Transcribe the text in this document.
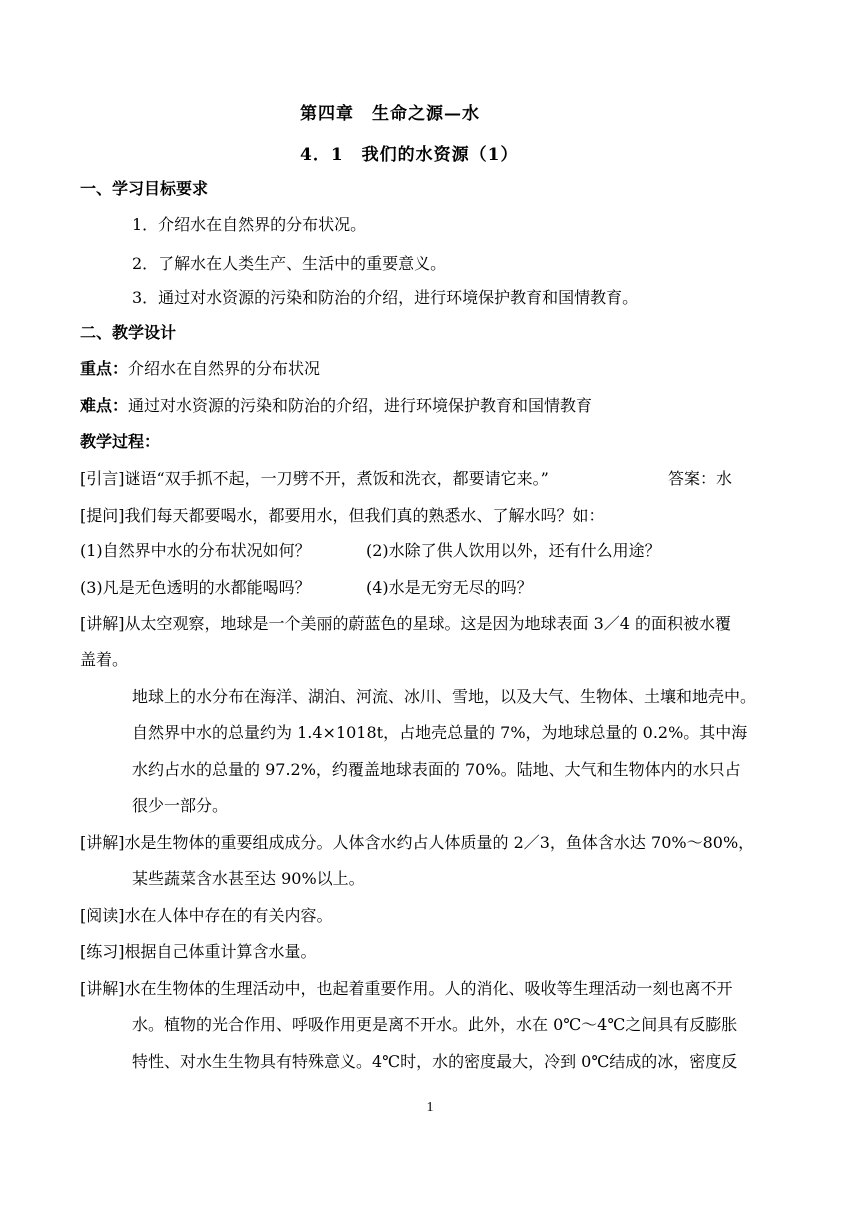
第四章　生命之源—水
4．1　我们的水资源（1）
一、学习目标要求
1．介绍水在自然界的分布状况。
2．了解水在人类生产、生活中的重要意义。
3．通过对水资源的污染和防治的介绍，进行环境保护教育和国情教育。
二、教学设计
重点：介绍水在自然界的分布状况
难点：通过对水资源的污染和防治的介绍，进行环境保护教育和国情教育
教学过程：
[引言]谜语“双手抓不起，一刀劈不开，煮饭和洗衣，都要请它来。”	答案：水
[提问]我们每天都要喝水，都要用水，但我们真的熟悉水、了解水吗？如：
(1)自然界中水的分布状况如何？	(2)水除了供人饮用以外，还有什么用途？
(3)凡是无色透明的水都能喝吗？	(4)水是无穷无尽的吗？
[讲解]从太空观察，地球是一个美丽的蔚蓝色的星球。这是因为地球表面 3／4 的面积被水覆
盖着。
地球上的水分布在海洋、湖泊、河流、冰川、雪地，以及大气、生物体、土壤和地壳中。
自然界中水的总量约为 1.4×1018t，占地壳总量的 7%，为地球总量的 0.2%。其中海
水约占水的总量的 97.2%，约覆盖地球表面的 70%。陆地、大气和生物体内的水只占
很少一部分。
[讲解]水是生物体的重要组成成分。人体含水约占人体质量的 2／3，鱼体含水达 70%～80%，
某些蔬菜含水甚至达 90%以上。
[阅读]水在人体中存在的有关内容。
[练习]根据自己体重计算含水量。
[讲解]水在生物体的生理活动中，也起着重要作用。人的消化、吸收等生理活动一刻也离不开
水。植物的光合作用、呼吸作用更是离不开水。此外，水在 0℃～4℃之间具有反膨胀
特性、对水生生物具有特殊意义。4℃时，水的密度最大，冷到 0℃结成的冰，密度反
1
